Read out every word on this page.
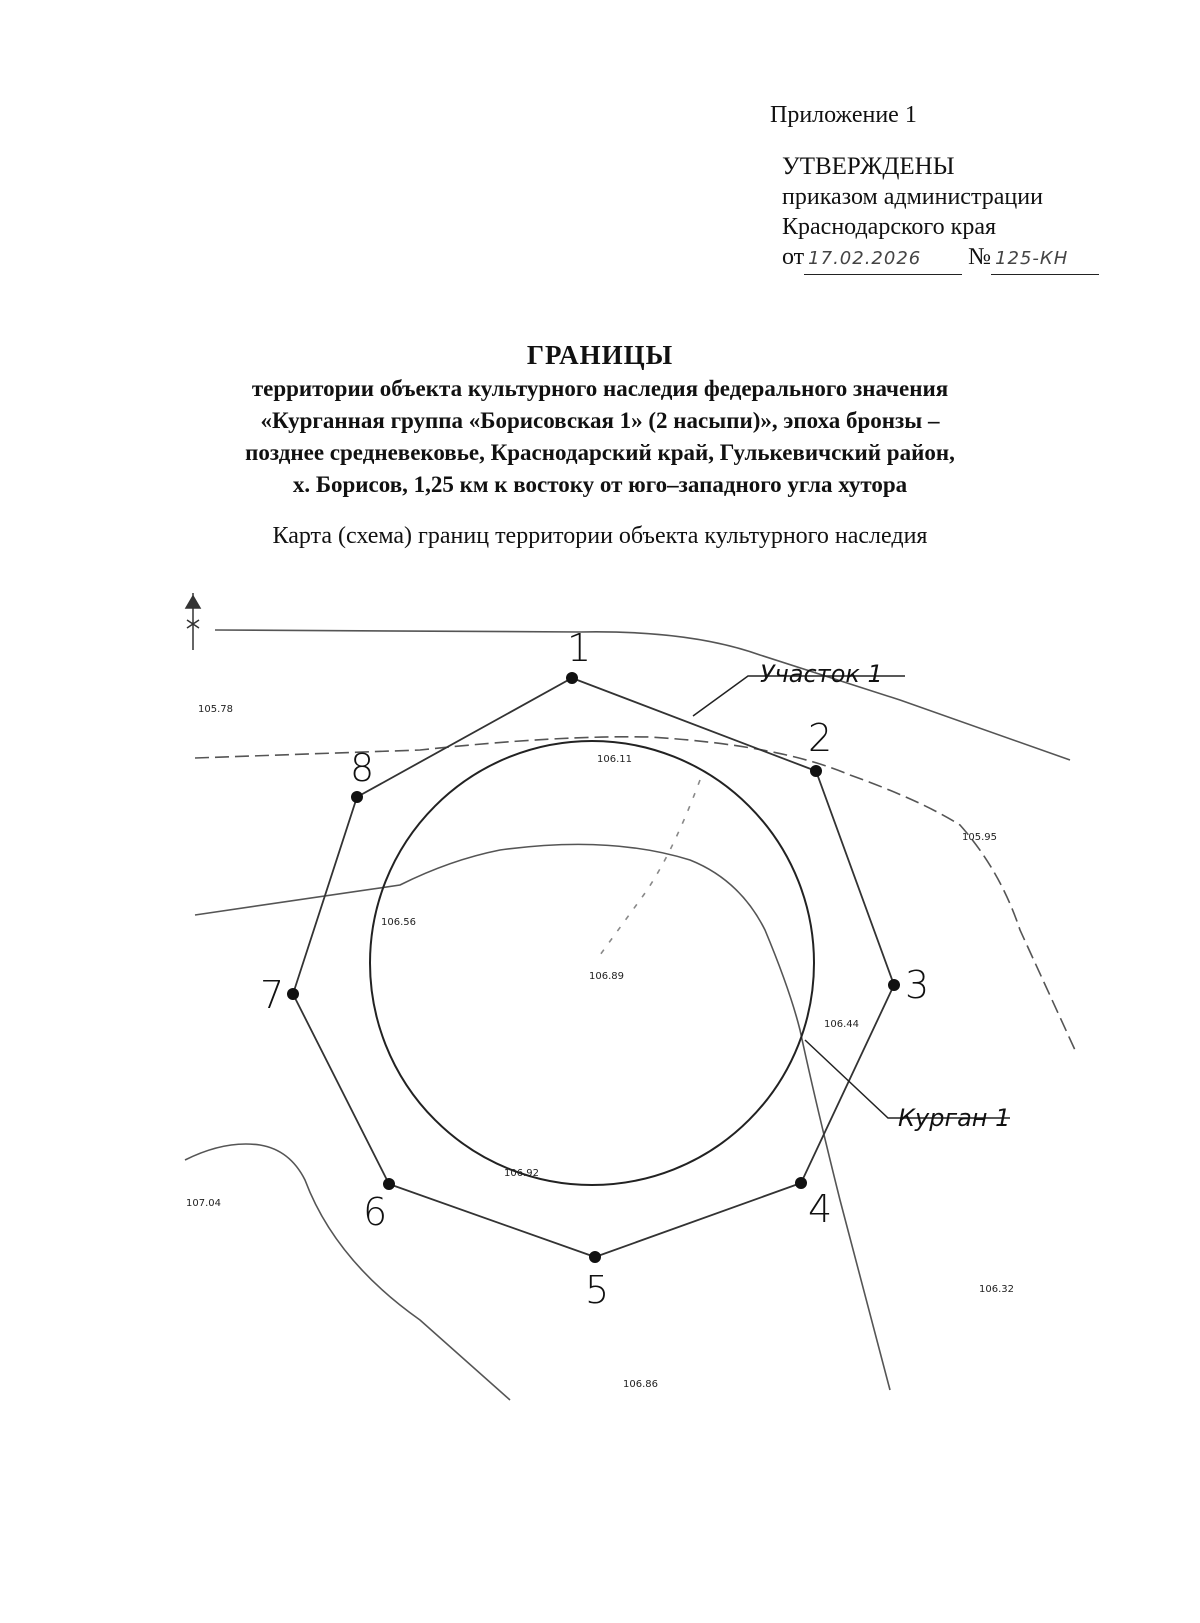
Приложение 1
УТВЕРЖДЕНЫ
приказом администрации
Краснодарского края
от 17.02.2026 № 125-КН
ГРАНИЦЫ
территории объекта культурного наследия федерального значения
«Курганная группа «Борисовская 1» (2 насыпи)», эпоха бронзы –
позднее средневековье, Краснодарский край, Гулькевичский район,
х. Борисов, 1,25 км к востоку от юго–западного угла хутора
Карта (схема) границ территории объекта культурного наследия
1
2
3
4
5
6
7
8
Участок 1
Курган 1
105.78
106.11
105.95
106.56
106.89
106.44
106.92
107.04
106.32
106.86
